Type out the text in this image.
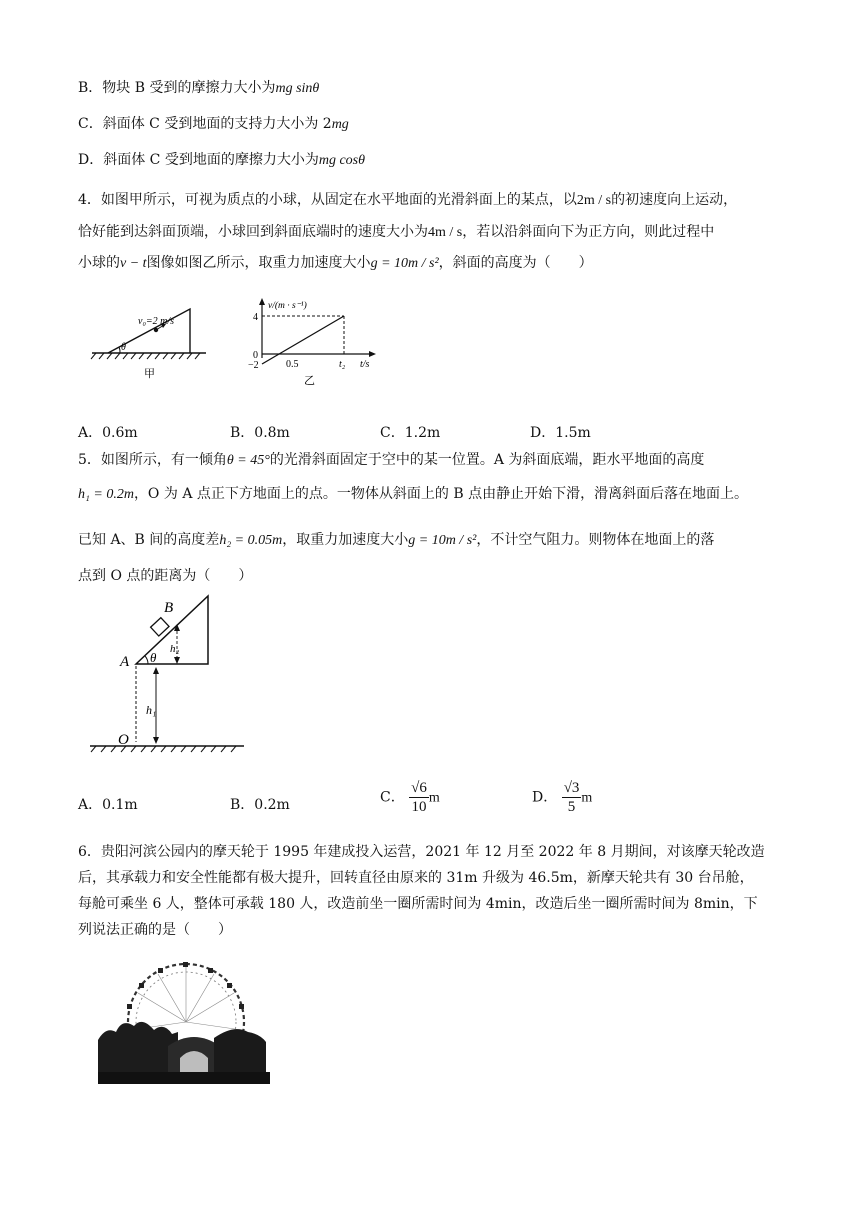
B．物块 B 受到的摩擦力大小为mg sinθ
C．斜面体 C 受到地面的支持力大小为 2mg
D．斜面体 C 受到地面的摩擦力大小为mg cosθ
4．如图甲所示，可视为质点的小球，从固定在水平地面的光滑斜面上的某点，以2m / s的初速度向上运动，
恰好能到达斜面顶端，小球回到斜面底端时的速度大小为4m / s，若以沿斜面向下为正方向，则此过程中
小球的v − t图像如图乙所示，取重力加速度大小g = 10m / s²，斜面的高度为（　　）
θ
v₀=2 m/s
甲
v/(m · s⁻¹)
4
0
−2	0.5	t₂ t/s
乙
A．0.6m	B．0.8m	C．1.2m	D．1.5m
5．如图所示，有一倾角θ = 45°的光滑斜面固定于空中的某一位置。A 为斜面底端，距水平地面的高度
h₁ = 0.2m，O 为 A 点正下方地面上的点。一物体从斜面上的 B 点由静止开始下滑，滑离斜面后落在地面上。
已知 A、B 间的高度差h₂ = 0.05m，取重力加速度大小g = 10m / s²，不计空气阻力。则物体在地面上的落
点到 O 点的距离为（　　）
B
A θ
h₂
h₁
O
A．0.1m	B．0.2m	C． $\frac{√6}{10}$ m	D． $\frac{√3}{5}$ m
6．贵阳河滨公园内的摩天轮于 1995 年建成投入运营，2021 年 12 月至 2022 年 8 月期间，对该摩天轮改造
后，其承载力和安全性能都有极大提升，回转直径由原来的 31m 升级为 46.5m，新摩天轮共有 30 台吊舱，
每舱可乘坐 6 人，整体可承载 180 人，改造前坐一圈所需时间为 4min，改造后坐一圈所需时间为 8min，下
列说法正确的是（　　）
